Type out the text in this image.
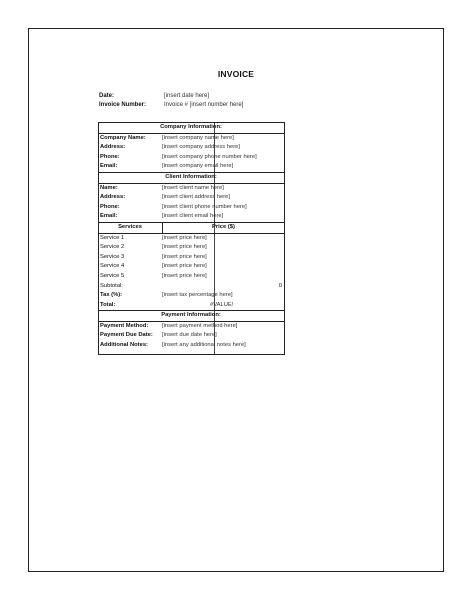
INVOICE
Date:	[insert date here]
Invoice Number:	Invoice # [insert number here]
Company Information:
Company Name:	[insert company name here]
Address:	[insert company address here]
Phone:	[insert company phone number here]
Email:	[insert company email here]
Client Information:
Name:	[insert client name here]
Address:	[insert client address here]
Phone:	[insert client phone number here]
Email:	[insert client email here]
Services	Price ($)
Service 1	[insert price here]
Service 2	[insert price here]
Service 3	[insert price here]
Service 4	[insert price here]
Service 5	[insert price here]
Subtotal:	0
Tax (%):	[insert tax percentage here]
Total:	#VALUE!
Payment Information:
Payment Method:	[insert payment method here]
Payment Due Date:	[insert due date here]
Additional Notes:	[insert any additional notes here]
